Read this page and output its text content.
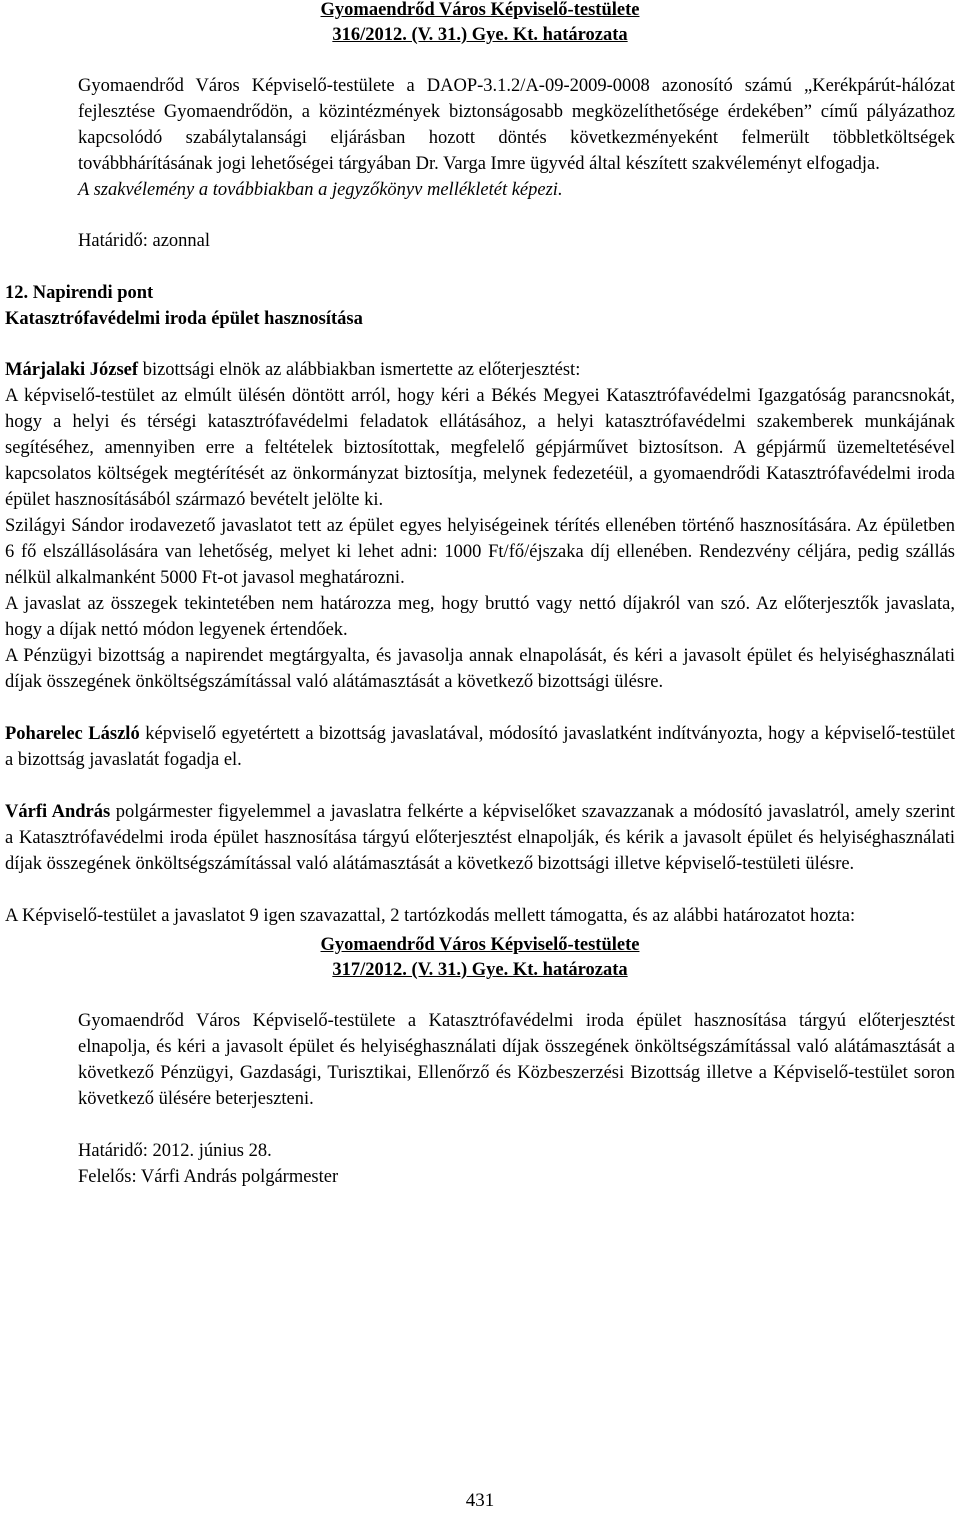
Gyomaendrőd Város Képviselő-testülete

316/2012. (V. 31.) Gye. Kt. határozata

Gyomaendrőd Város Képviselő-testülete a DAOP-3.1.2/A-09-2009-0008 azonosító számú „Kerékpárút-hálózat fejlesztése Gyomaendrődön, a közintézmények biztonságosabb megközelíthetősége érdekében” című pályázathoz kapcsolódó szabálytalansági eljárásban hozott döntés következményeként felmerült többletköltségek továbbhárításának jogi lehetőségei tárgyában Dr. Varga Imre ügyvéd által készített szakvéleményt elfogadja.

A szakvélemény a továbbiakban a jegyzőkönyv mellékletét képezi.

Határidő: azonnal

12. Napirendi pont

Katasztrófavédelmi iroda épület hasznosítása

Márjalaki József bizottsági elnök az alábbiakban ismertette az előterjesztést:

A képviselő-testület az elmúlt ülésén döntött arról, hogy kéri a Békés Megyei Katasztrófavédelmi Igazgatóság parancsnokát, hogy a helyi és térségi katasztrófavédelmi feladatok ellátásához, a helyi katasztrófavédelmi szakemberek munkájának segítéséhez, amennyiben erre a feltételek biztosítottak, megfelelő gépjárművet biztosítson. A gépjármű üzemeltetésével kapcsolatos költségek megtérítését az önkormányzat biztosítja, melynek fedezetéül, a gyomaendrődi Katasztrófavédelmi iroda épület hasznosításából származó bevételt jelölte ki.

Szilágyi Sándor irodavezető javaslatot tett az épület egyes helyiségeinek térítés ellenében történő hasznosítására. Az épületben 6 fő elszállásolására van lehetőség, melyet ki lehet adni: 1000 Ft/fő/éjszaka díj ellenében. Rendezvény céljára, pedig szállás nélkül alkalmanként 5000 Ft-ot javasol meghatározni.

A javaslat az összegek tekintetében nem határozza meg, hogy bruttó vagy nettó díjakról van szó. Az előterjesztők javaslata, hogy a díjak nettó módon legyenek értendőek.

A Pénzügyi bizottság a napirendet megtárgyalta, és javasolja annak elnapolását, és kéri a javasolt épület és helyiséghasználati díjak összegének önköltségszámítással való alátámasztását a következő bizottsági ülésre.

Poharelec László képviselő egyetértett a bizottság javaslatával, módosító javaslatként indítványozta, hogy a képviselő-testület a bizottság javaslatát fogadja el.

Várfi András polgármester figyelemmel a javaslatra felkérte a képviselőket szavazzanak a módosító javaslatról, amely szerint a Katasztrófavédelmi iroda épület hasznosítása tárgyú előterjesztést elnapolják, és kérik a javasolt épület és helyiséghasználati díjak összegének önköltségszámítással való alátámasztását a következő bizottsági illetve képviselő-testületi ülésre.

A Képviselő-testület a javaslatot 9 igen szavazattal, 2 tartózkodás mellett támogatta, és az alábbi határozatot hozta:

Gyomaendrőd Város Képviselő-testülete

317/2012. (V. 31.) Gye. Kt. határozata

Gyomaendrőd Város Képviselő-testülete a Katasztrófavédelmi iroda épület hasznosítása tárgyú előterjesztést elnapolja, és kéri a javasolt épület és helyiséghasználati díjak összegének önköltségszámítással való alátámasztását a következő Pénzügyi, Gazdasági, Turisztikai, Ellenőrző és Közbeszerzési Bizottság illetve a Képviselő-testület soron következő ülésére beterjeszteni.

Határidő: 2012. június 28.

Felelős: Várfi András polgármester

431
